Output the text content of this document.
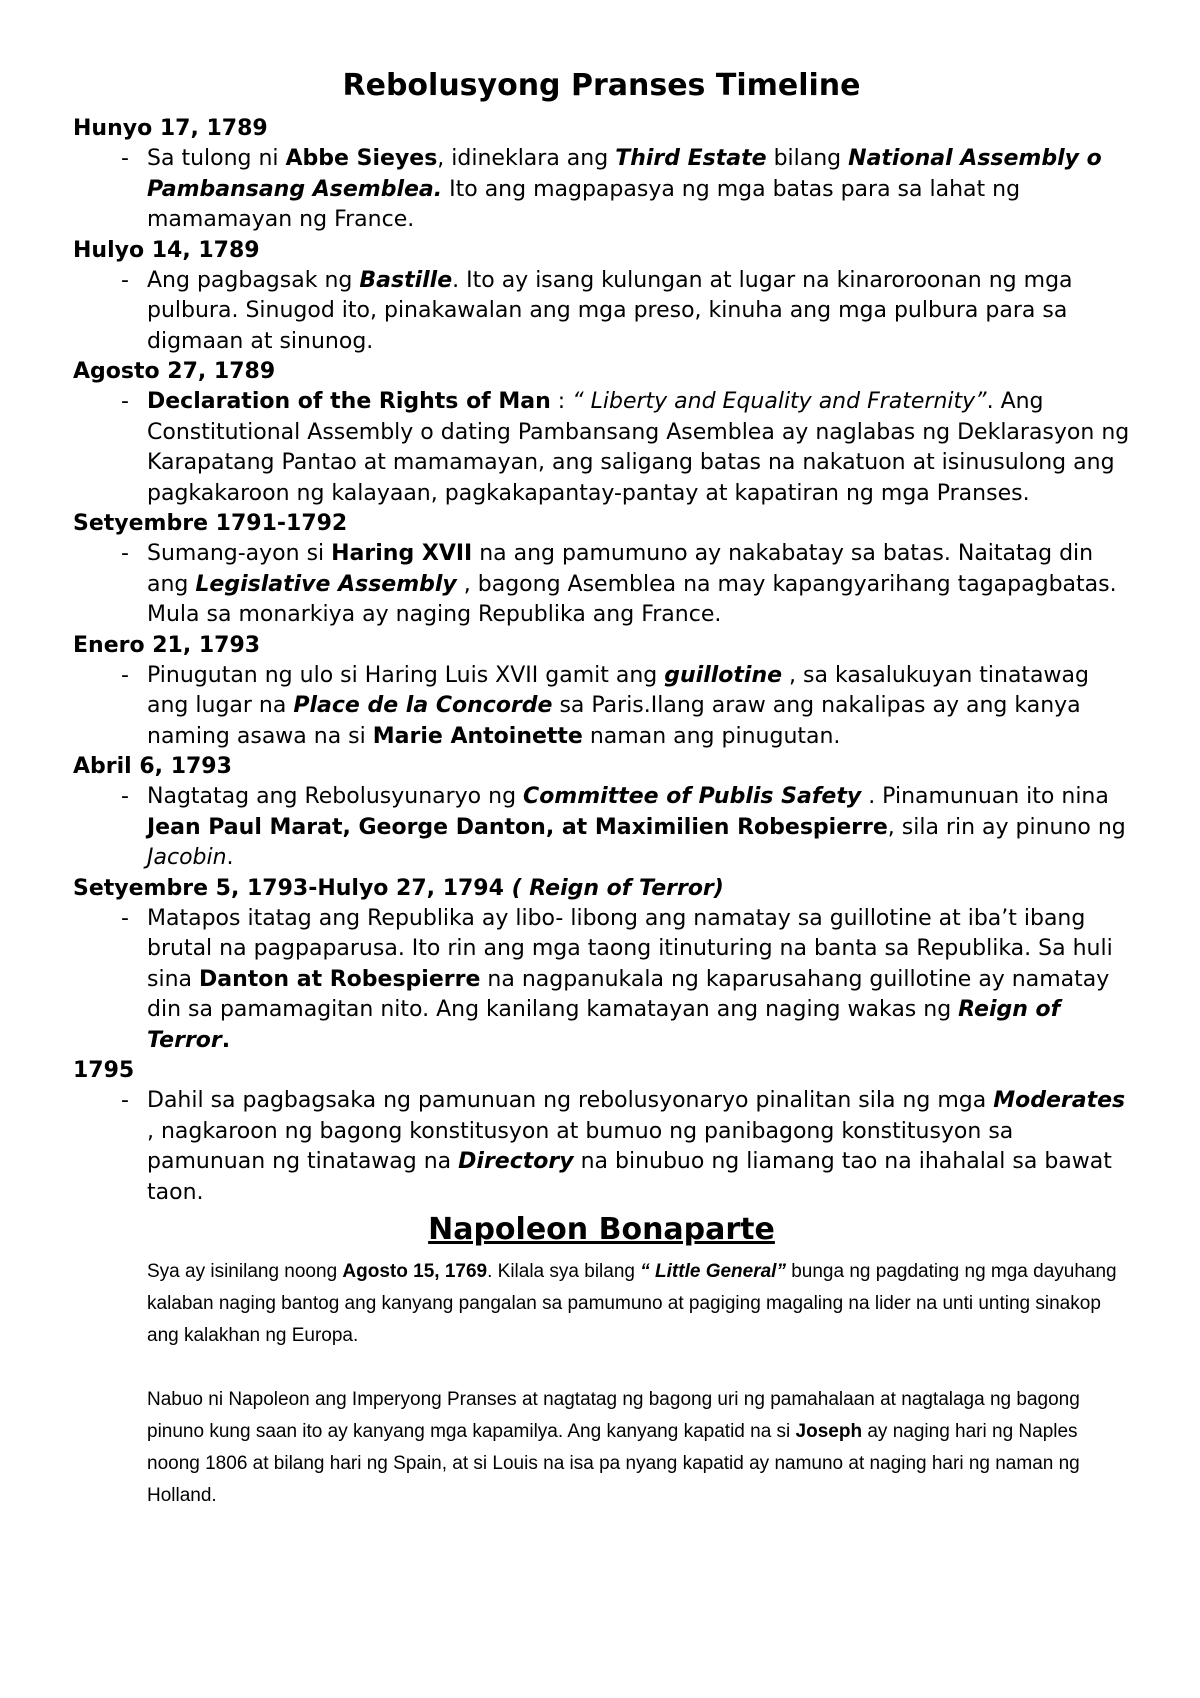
Rebolusyong Pranses Timeline
Hunyo 17, 1789
- Sa tulong ni Abbe Sieyes, idineklara ang Third Estate bilang National Assembly o Pambansang Asemblea. Ito ang magpapasya ng mga batas para sa lahat ng mamamayan ng France.
Hulyo 14, 1789
- Ang pagbagsak ng Bastille. Ito ay isang kulungan at lugar na kinaroroonan ng mga pulbura. Sinugod ito, pinakawalan ang mga preso, kinuha ang mga pulbura para sa digmaan at sinunog.
Agosto 27, 1789
- Declaration of the Rights of Man : “ Liberty and Equality and Fraternity”. Ang Constitutional Assembly o dating Pambansang Asemblea ay naglabas ng Deklarasyon ng Karapatang Pantao at mamamayan, ang saligang batas na nakatuon at isinusulong ang pagkakaroon ng kalayaan, pagkakapantay-pantay at kapatiran ng mga Pranses.
Setyembre 1791-1792
- Sumang-ayon si Haring XVII na ang pamumuno ay nakabatay sa batas. Naitatag din ang Legislative Assembly , bagong Asemblea na may kapangyarihang tagapagbatas. Mula sa monarkiya ay naging Republika ang France.
Enero 21, 1793
- Pinugutan ng ulo si Haring Luis XVII gamit ang guillotine , sa kasalukuyan tinatawag ang lugar na Place de la Concorde sa Paris.Ilang araw ang nakalipas ay ang kanya naming asawa na si Marie Antoinette naman ang pinugutan.
Abril 6, 1793
- Nagtatag ang Rebolusyunaryo ng Committee of Publis Safety . Pinamunuan ito nina Jean Paul Marat, George Danton, at Maximilien Robespierre, sila rin ay pinuno ng Jacobin.
Setyembre 5, 1793-Hulyo 27, 1794 ( Reign of Terror)
- Matapos itatag ang Republika ay libo- libong ang namatay sa guillotine at iba’t ibang brutal na pagpaparusa. Ito rin ang mga taong itinuturing na banta sa Republika. Sa huli sina Danton at Robespierre na nagpanukala ng kaparusahang guillotine ay namatay din sa pamamagitan nito. Ang kanilang kamatayan ang naging wakas ng Reign of Terror.
1795
- Dahil sa pagbagsaka ng pamunuan ng rebolusyonaryo pinalitan sila ng mga Moderates , nagkaroon ng bagong konstitusyon at bumuo ng panibagong konstitusyon sa pamunuan ng tinatawag na Directory na binubuo ng liamang tao na ihahalal sa bawat taon.
Napoleon Bonaparte

Sya ay isinilang noong Agosto 15, 1769. Kilala sya bilang “ Little General” bunga ng pagdating ng mga dayuhang kalaban naging bantog ang kanyang pangalan sa pamumuno at pagiging magaling na lider na unti unting sinakop ang kalakhan ng Europa.

Nabuo ni Napoleon ang Imperyong Pranses at nagtatag ng bagong uri ng pamahalaan at nagtalaga ng bagong pinuno kung saan ito ay kanyang mga kapamilya. Ang kanyang kapatid na si Joseph ay naging hari ng Naples noong 1806 at bilang hari ng Spain, at si Louis na isa pa nyang kapatid ay namuno at naging hari ng naman ng Holland.
